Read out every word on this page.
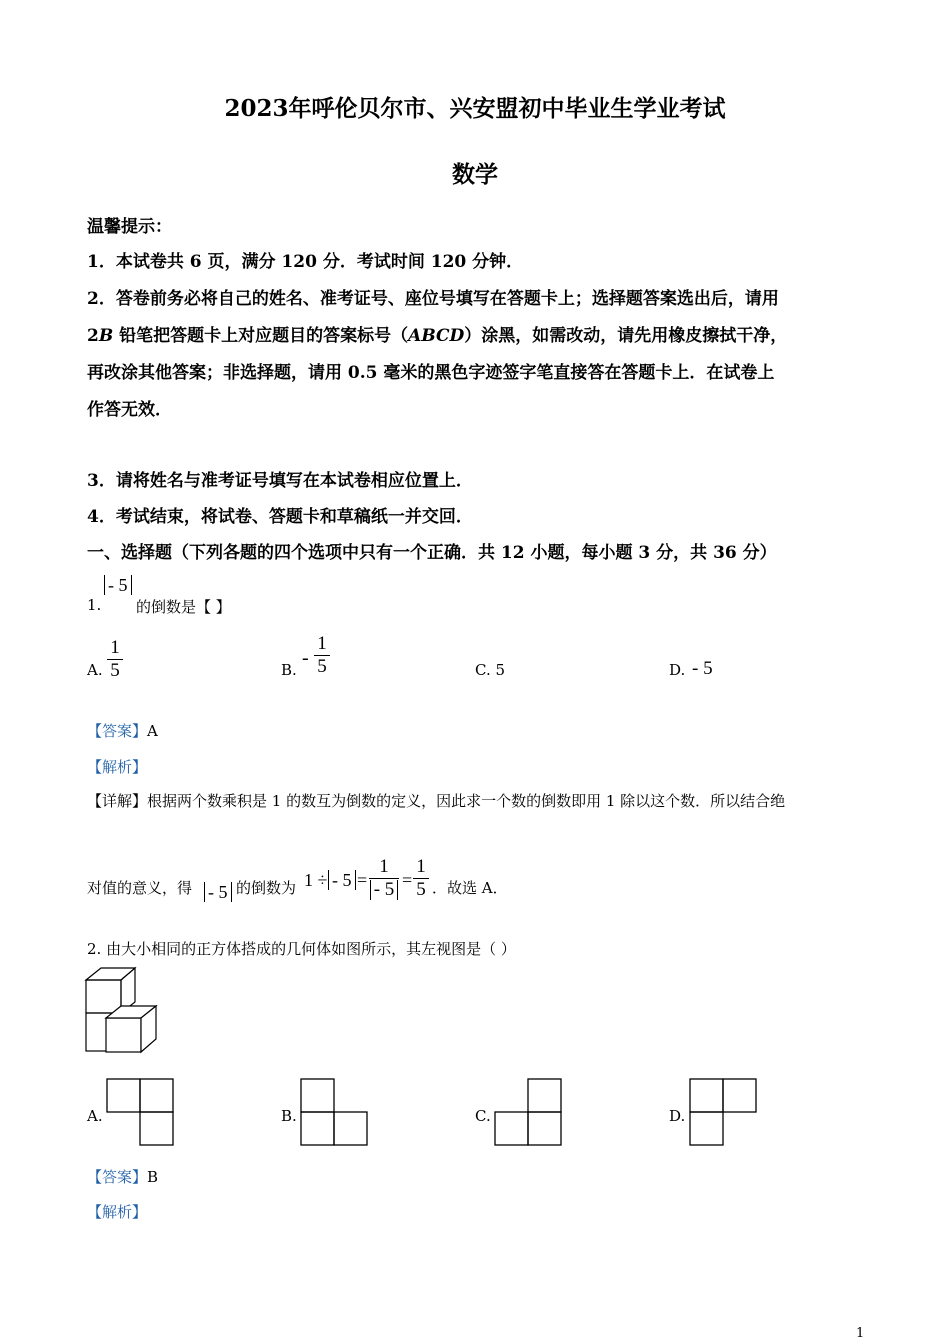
2023年呼伦贝尔市、兴安盟初中毕业生学业考试
数学
温馨提示：
1．本试卷共 6 页，满分 120 分．考试时间 120 分钟．
2．答卷前务必将自己的姓名、准考证号、座位号填写在答题卡上；选择题答案选出后，请用
2B 铅笔把答题卡上对应题目的答案标号（ABCD）涂黑，如需改动，请先用橡皮擦拭干净，
再改涂其他答案；非选择题，请用 0.5 毫米的黑色字迹签字笔直接答在答题卡上．在试卷上
作答无效．
3．请将姓名与准考证号填写在本试卷相应位置上．
4．考试结束，将试卷、答题卡和草稿纸一并交回．
一、选择题（下列各题的四个选项中只有一个正确．共 12 小题，每小题 3 分，共 36 分）
1.
- 5
的倒数是【 】
A.
1
5	B.
-
1
5	C. 5	D. - 5
【答案】A
【解析】
【详解】根据两个数乘积是 1 的数互为倒数的定义，因此求一个数的倒数即用 1 除以这个数．所以结合绝
对值的意义，得 - 5 的倒数为 1 ÷ - 5 =
1
- 5 =
1
5 ．故选 A．
2. 由大小相同的正方体搭成的几何体如图所示，其左视图是（ ）
A.	B.	C.	D.
【答案】B
【解析】
1
